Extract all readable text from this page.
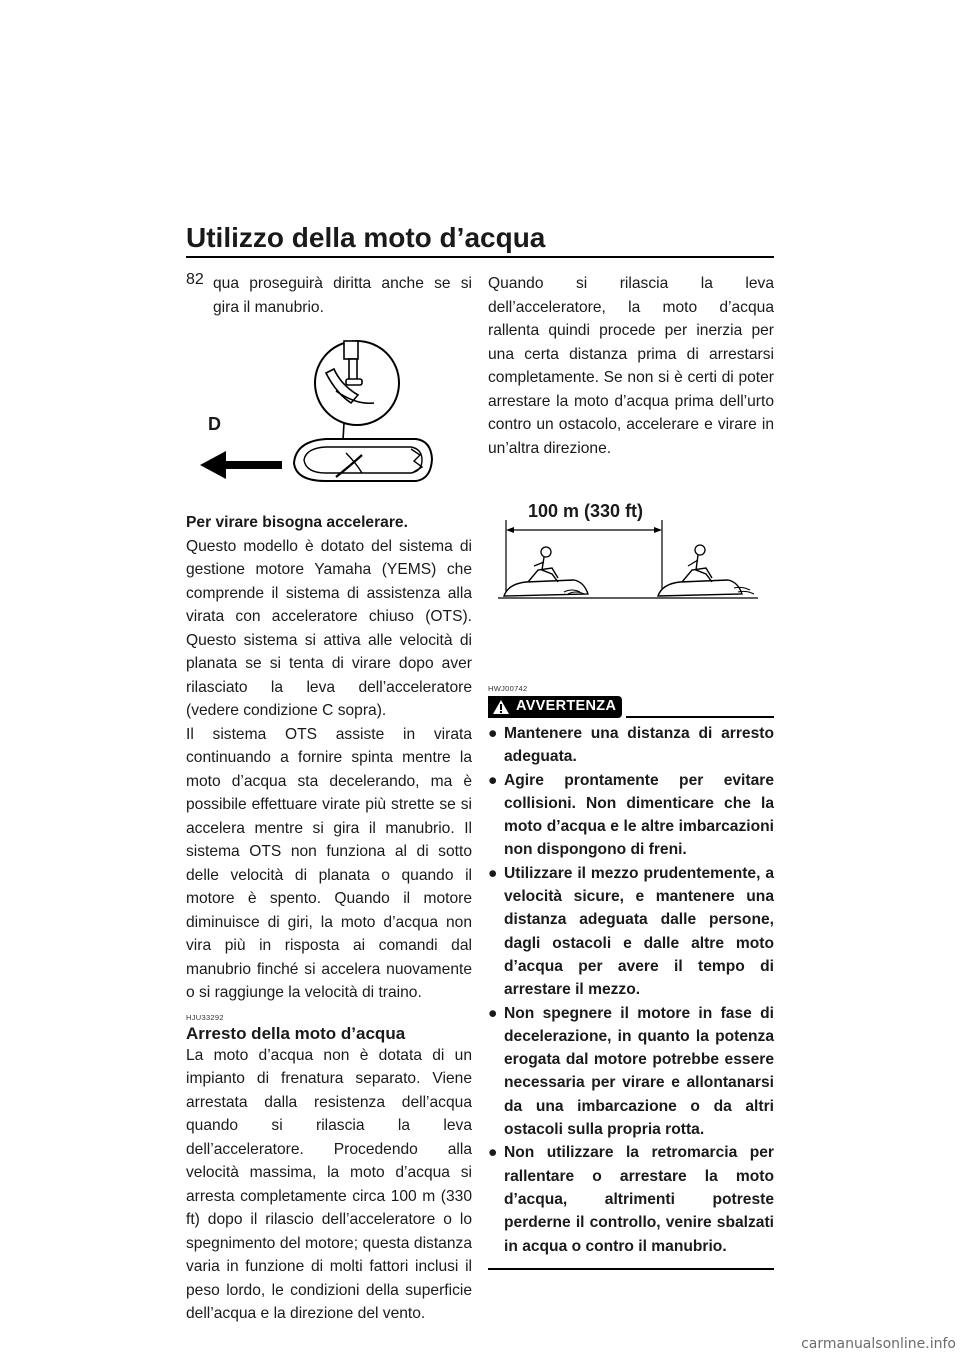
Utilizzo della moto d’acqua
82 qua proseguirà diritta anche se si gira il manubrio.

D

Per virare bisogna accelerare.

Questo modello è dotato del sistema di gestione motore Yamaha (YEMS) che comprende il sistema di assistenza alla virata con acceleratore chiuso (OTS). Questo sistema si attiva alle velocità di planata se si tenta di virare dopo aver rilasciato la leva dell’acceleratore (vedere condizione C sopra).

Il sistema OTS assiste in virata continuando a fornire spinta mentre la moto d’acqua sta decelerando, ma è possibile effettuare virate più strette se si accelera mentre si gira il manubrio. Il sistema OTS non funziona al di sotto delle velocità di planata o quando il motore è spento. Quando il motore diminuisce di giri, la moto d’acqua non vira più in risposta ai comandi dal manubrio finché si accelera nuovamente o si raggiunge la velocità di traino.

HJU33292
Arresto della moto d’acqua

La moto d’acqua non è dotata di un impianto di frenatura separato. Viene arrestata dalla resistenza dell’acqua quando si rilascia la leva dell’acceleratore. Procedendo alla velocità massima, la moto d’acqua si arresta completamente circa 100 m (330 ft) dopo il rilascio dell’acceleratore o lo spegnimento del motore; questa distanza varia in funzione di molti fattori inclusi il peso lordo, le condizioni della superficie dell’acqua e la direzione del vento.

Quando si rilascia la leva dell’acceleratore, la moto d’acqua rallenta quindi procede per inerzia per una certa distanza prima di arrestarsi completamente. Se non si è certi di poter arrestare la moto d’acqua prima dell’urto contro un ostacolo, accelerare e virare in un’altra direzione.

100 m (330 ft)
HWJ00742
AVVERTENZA
● Mantenere una distanza di arresto adeguata.
● Agire prontamente per evitare collisioni. Non dimenticare che la moto d’acqua e le altre imbarcazioni non dispongono di freni.
● Utilizzare il mezzo prudentemente, a velocità sicure, e mantenere una distanza adeguata dalle persone, dagli ostacoli e dalle altre moto d’acqua per avere il tempo di arrestare il mezzo.
● Non spegnere il motore in fase di decelerazione, in quanto la potenza erogata dal motore potrebbe essere necessaria per virare e allontanarsi da una imbarcazione o da altri ostacoli sulla propria rotta.
● Non utilizzare la retromarcia per rallentare o arrestare la moto d’acqua, altrimenti potreste perderne il controllo, venire sbalzati in acqua o contro il manubrio.
carmanualsonline.info
